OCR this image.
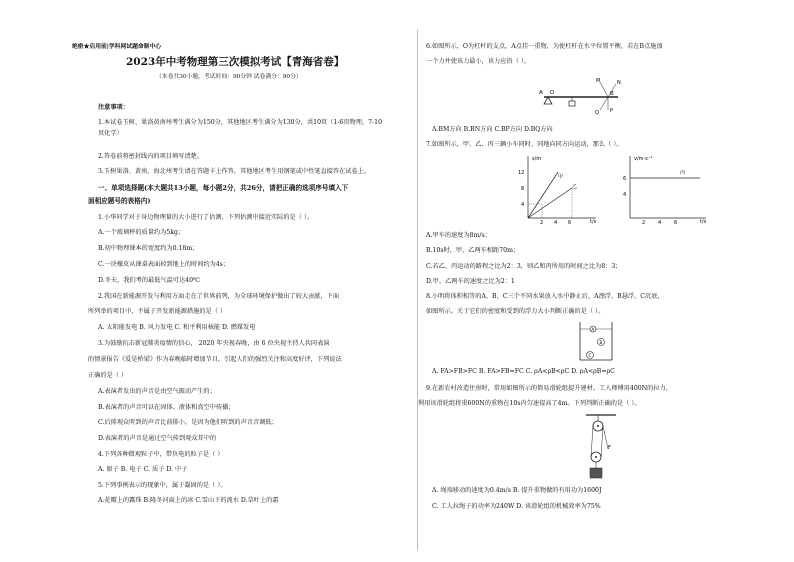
绝密★启用前|学科网试题命制中心
2023年中考物理第三次模拟考试【青海省卷】
（本卷共30小题，考试时间：90分钟 试卷满分：90分）
注意事项：
1.本试卷玉树、果洛黄南州考生满分为150分，其他地区考生满分为130分，共10页（1-6页物理，7-10
页化学）
2.答卷前将密封线内的项目填写清楚。
3.玉树果洛、黄南、海北州考生请在答题卡上作答，其他地区考生用钢笔或中性笔直接答在试卷上。
一、单项选择题(本大题共13小题，每小题2分，共26分，请把正确的选项序号填入下
面相应题号的表格内)
1.小华同学对于身边物理量的大小进行了估测，下列估测中接近实际的是（ ）。
A.一个玻璃杯的质量约为5kg；
B.初中物理课本的宽度约为0.18m；
C.一块橡皮从课桌表面掉到地上的时间约为4s；
D.冬天，我们考的最低气温可达40℃
2.我国在新能源开发与利用方面走在了世界前列，为全球环境保护做出了较大贡献，下面
所列举的项目中，不属于开发新能源措施的是（ ）
A. 太阳能发电 B. 风力发电 C. 和平利用核能 D. 燃煤发电
3.为鼓励抗击新冠肺炎疫情的信心， 2020 年央视春晚，由 6 位央视主持人共同表演
的情景报告《爱是桥梁》作为春晚临时增加节目，引起人们的强烈关注和高度好评，下列说法
正确的是（ ）
A.表演者发出的声音是由空气振动产生的；
B.表演者的声音可以在固体、液体和真空中传播；
C.后排观众听到的声音比前排小，是因为他们听到的声音音调低；
D.表演者的声音是通过空气传到观众耳中的
4.下列各种微观粒子中，带负电的粒子是（ ）
A. 原子 B. 电子 C. 质子 D. 中子
5.下列事例表示的现象中，属于凝固的是（ ）。
A.花瓣上的露珠 B.隆冬河面上的冰 C.雪山下的流水 D.草叶上的霜
6.如图所示，O为杠杆的支点，A点挂一重物，为使杠杆在水平位置平衡，若在B点施加
一个力并使该力最小，该力应沿（ ）。
A O	B
M	N
P
Q
A.BM方向 B.BN方向 C.BP方向 D.BQ方向
7.如图所示，甲、乙、丙三辆小车同时、同地向同方向运动，那么（ ）。
s/m
t/s
4
8
12
2 4 6
甲
乙
v/m·s⁻¹
t/s
4
6
2	4	6
丙
A.甲车的速度为8m/s；
B.10s时，甲、乙两车相距70m；
C.若乙、丙运动的路程之比为2：3，则乙和丙所用的时间之比为8：3；
D.甲、乙两车的速度之比为2：1
8.小明将体积相等的A、B、C三个不同水果放入水中静止后，A漂浮、B悬浮、C沉底，
如图所示。关于它们的密度和受到的浮力大小判断正确的是（ ）。
A
B
C
A. FA>FB>FC B. FA>FB=FC C. ρA<ρB<ρC D. ρA<ρB=ρC
9.在新农村改造住房时，常用如图所示的简易滑轮组提升建材。工人师傅用400N的拉力，
利用该滑轮组将重600N的重物在10s内匀速提高了4m。下列判断正确的是（ ）。
F
A. 绳端移动的速度为0.4m/s B. 提升重物做的有用功为1600J
C. 工人拉绳子的功率为240W D. 该滑轮组的机械效率为75%
